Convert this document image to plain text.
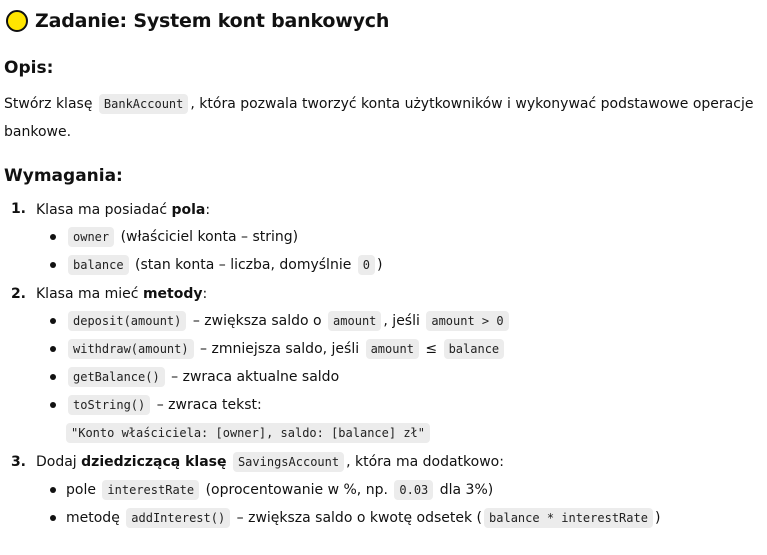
Zadanie: System kont bankowych
Opis:

Stwórz klasę BankAccount , która pozwala tworzyć konta użytkowników i wykonywać podstawowe operacje bankowe.

Wymagania:
1. Klasa ma posiadać
pola :
owner
(właściciel konta – string)
balance
(stan konta – liczba, domyślnie
0 )
2. Klasa ma mieć
metody :
deposit(amount)
– zwiększa saldo o
amount , jeśli
amount > 0
withdraw(amount)
– zmniejsza saldo, jeśli
amount
≤
balance
getBalance()
– zwraca aktualne saldo
toString()
– zwraca tekst:
"Konto właściciela: [owner], saldo: [balance] zł"
3. Dodaj
dziedziczącą klasę
SavingsAccount , która ma dodatkowo:
pole
interestRate
(oprocentowanie w %, np.
0.03
dla 3%)
metodę
addInterest()
– zwiększa saldo o kwotę odsetek ( balance * interestRate )
